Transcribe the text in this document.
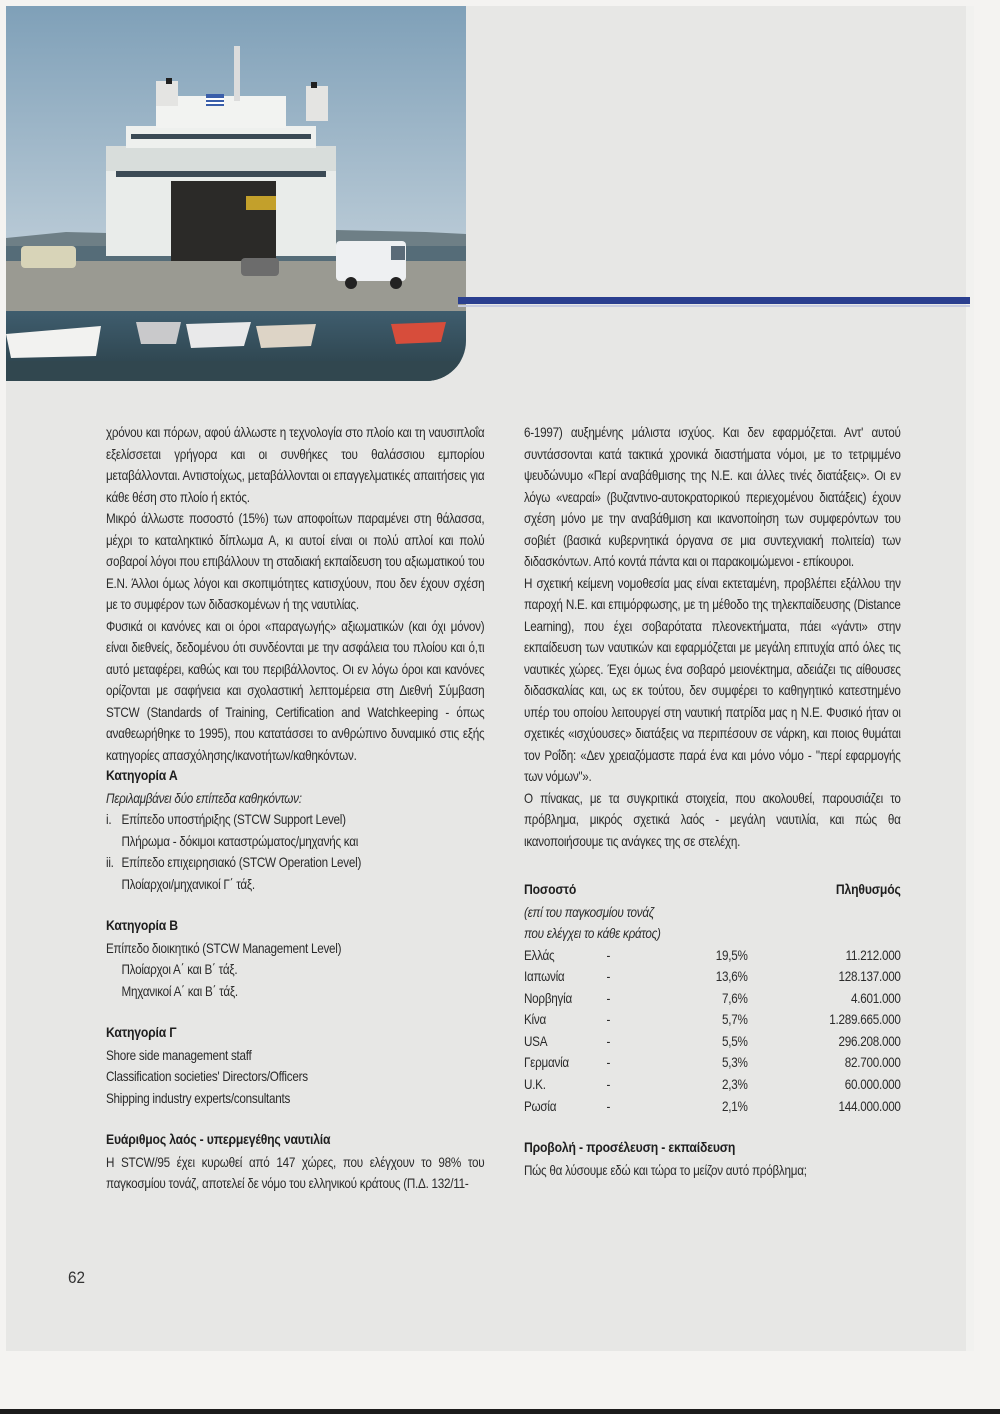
χρόνου και πόρων, αφού άλλωστε η τεχνολογία στο πλοίο και τη ναυσιπλοΐα εξελίσσεται γρήγορα και οι συνθήκες του θαλάσσιου εμπορίου μεταβάλλονται. Αντιστοίχως, μεταβάλλονται οι επαγγελματικές απαιτήσεις για κάθε θέση στο πλοίο ή εκτός.

Μικρό άλλωστε ποσοστό (15%) των αποφοίτων παραμένει στη θάλασσα, μέχρι το καταληκτικό δίπλωμα Α, κι αυτοί είναι οι πολύ απλοί και πολύ σοβαροί λόγοι που επιβάλλουν τη σταδιακή εκπαίδευση του αξιωματικού του Ε.Ν. Άλλοι όμως λόγοι και σκοπιμότητες κατισχύουν, που δεν έχουν σχέση με το συμφέρον των διδασκομένων ή της ναυτιλίας.

Φυσικά οι κανόνες και οι όροι «παραγωγής» αξιωματικών (και όχι μόνον) είναι διεθνείς, δεδομένου ότι συνδέονται με την ασφάλεια του πλοίου και ό,τι αυτό μεταφέρει, καθώς και του περιβάλλοντος. Οι εν λόγω όροι και κανόνες ορίζονται με σαφήνεια και σχολαστική λεπτομέρεια στη Διεθνή Σύμβαση STCW (Standards of Training, Certification and Watchkeeping - όπως αναθεωρήθηκε το 1995), που κατατάσσει το ανθρώπινο δυναμικό στις εξής κατηγορίες απασχόλησης/ικανοτήτων/καθηκόντων.

Κατηγορία Α
Περιλαμβάνει δύο επίπεδα καθηκόντων:
i. Επίπεδο υποστήριξης (STCW Support Level)
Πλήρωμα - δόκιμοι καταστρώματος/μηχανής και
ii. Επίπεδο επιχειρησιακό (STCW Operation Level)
Πλοίαρχοι/μηχανικοί Γ΄ τάξ.
Κατηγορία Β
Επίπεδο διοικητικό (STCW Management Level)
Πλοίαρχοι Α΄ και Β΄ τάξ.
Μηχανικοί Α΄ και Β΄ τάξ.
Κατηγορία Γ
Shore side management staff
Classification societies' Directors/Officers
Shipping industry experts/consultants
Ευάριθμος λαός - υπερμεγέθης ναυτιλία

Η STCW/95 έχει κυρωθεί από 147 χώρες, που ελέγχουν το 98% του παγκοσμίου τονάζ, αποτελεί δε νόμο του ελληνικού κράτους (Π.Δ. 132/11-

6-1997) αυξημένης μάλιστα ισχύος. Και δεν εφαρμόζεται. Αντ' αυτού συντάσσονται κατά τακτικά χρονικά διαστήματα νόμοι, με το τετριμμένο ψευδώνυμο «Περί αναβάθμισης της Ν.Ε. και άλλες τινές διατάξεις». Οι εν λόγω «νεαραί» (βυζαντινο-αυτοκρατορικού περιεχομένου διατάξεις) έχουν σχέση μόνο με την αναβάθμιση και ικανοποίηση των συμφερόντων του σοβιέτ (βασικά κυβερνητικά όργανα σε μια συντεχνιακή πολιτεία) των διδασκόντων. Από κοντά πάντα και οι παρακοιμώμενοι - επίκουροι.

Η σχετική κείμενη νομοθεσία μας είναι εκτεταμένη, προβλέπει εξάλλου την παροχή Ν.Ε. και επιμόρφωσης, με τη μέθοδο της τηλεκπαίδευσης (Distance Learning), που έχει σοβαρότατα πλεονεκτήματα, πάει «γάντι» στην εκπαίδευση των ναυτικών και εφαρμόζεται με μεγάλη επιτυχία από όλες τις ναυτικές χώρες. Έχει όμως ένα σοβαρό μειονέκτημα, αδειάζει τις αίθουσες διδασκαλίας και, ως εκ τούτου, δεν συμφέρει το καθηγητικό κατεστημένο υπέρ του οποίου λειτουργεί στη ναυτική πατρίδα μας η Ν.Ε. Φυσικό ήταν οι σχετικές «ισχύουσες» διατάξεις να περιπέσουν σε νάρκη, και ποιος θυμάται τον Ροΐδη: «Δεν χρειαζόμαστε παρά ένα και μόνο νόμο - "περί εφαρμογής των νόμων"».

Ο πίνακας, με τα συγκριτικά στοιχεία, που ακολουθεί, παρουσιάζει το πρόβλημα, μικρός σχετικά λαός - μεγάλη ναυτιλία, και πώς θα ικανοποιήσουμε τις ανάγκες της σε στελέχη.

Ποσοστό	Πληθυσμός
(επί του παγκοσμίου τονάζ
που ελέγχει το κάθε κράτος)
Ελλάς	-	19,5%	11.212.000
Ιαπωνία	-	13,6%	128.137.000
Νορβηγία	-	7,6%	4.601.000
Κίνα	-	5,7%	1.289.665.000
USA	-	5,5%	296.208.000
Γερμανία	-	5,3%	82.700.000
U.K.	-	2,3%	60.000.000
Ρωσία	-	2,1%	144.000.000
Προβολή - προσέλευση - εκπαίδευση

Πώς θα λύσουμε εδώ και τώρα το μείζον αυτό πρόβλημα;

62
